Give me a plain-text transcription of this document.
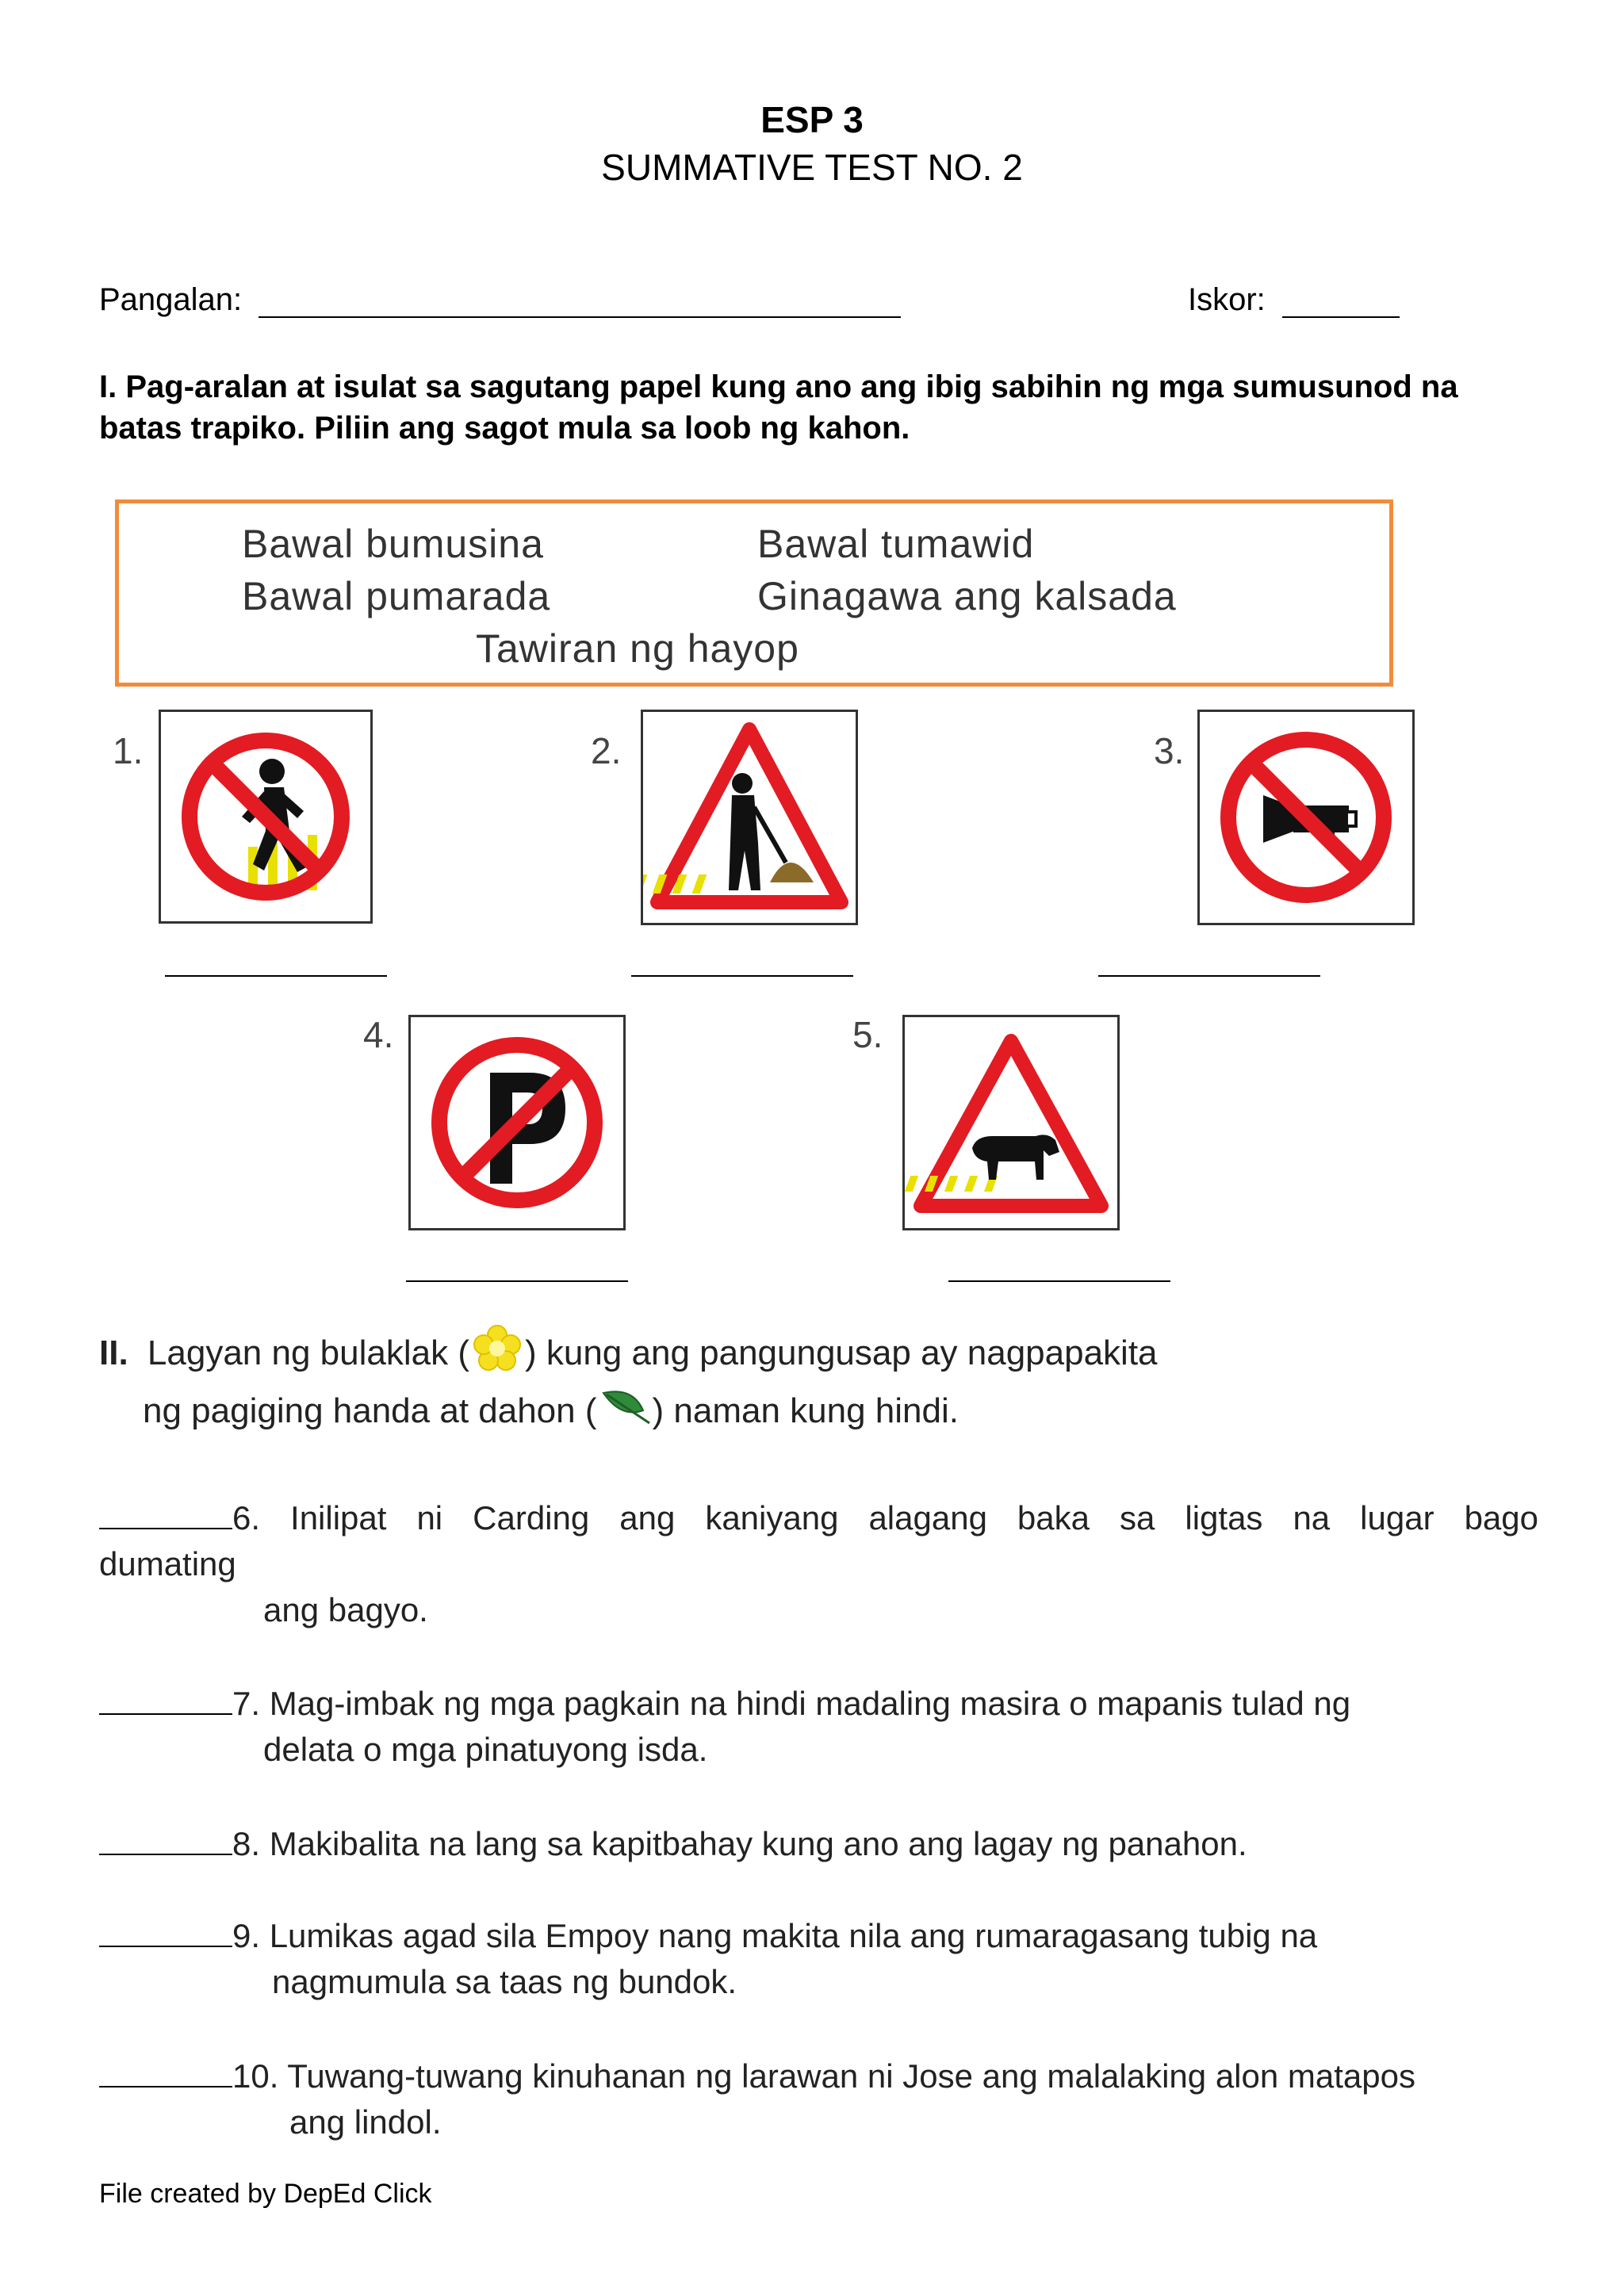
ESP 3
SUMMATIVE TEST NO. 2
Pangalan:	Iskor:
I. Pag-aralan at isulat sa sagutang papel kung ano ang ibig sabihin ng mga sumusunod na batas trapiko. Piliin ang sagot mula sa loob ng kahon.
Bawal bumusina	Bawal tumawid
Bawal pumarada	Ginagawa ang kalsada
Tawiran ng hayop
1.	2.	3.
4.	5.
II. Lagyan ng bulaklak ( ) kung ang pangungusap ay nagpapakita
ng pagiging handa at dahon ( ) naman kung hindi.
6. Inilipat ni Carding ang kaniyang alagang baka sa ligtas na lugar bago
dumating
ang bagyo.
7. Mag-imbak ng mga pagkain na hindi madaling masira o mapanis tulad ng
delata o mga pinatuyong isda.
8. Makibalita na lang sa kapitbahay kung ano ang lagay ng panahon.
9. Lumikas agad sila Empoy nang makita nila ang rumaragasang tubig na
nagmumula sa taas ng bundok.
10. Tuwang-tuwang kinuhanan ng larawan ni Jose ang malalaking alon matapos
ang lindol.
File created by DepEd Click
